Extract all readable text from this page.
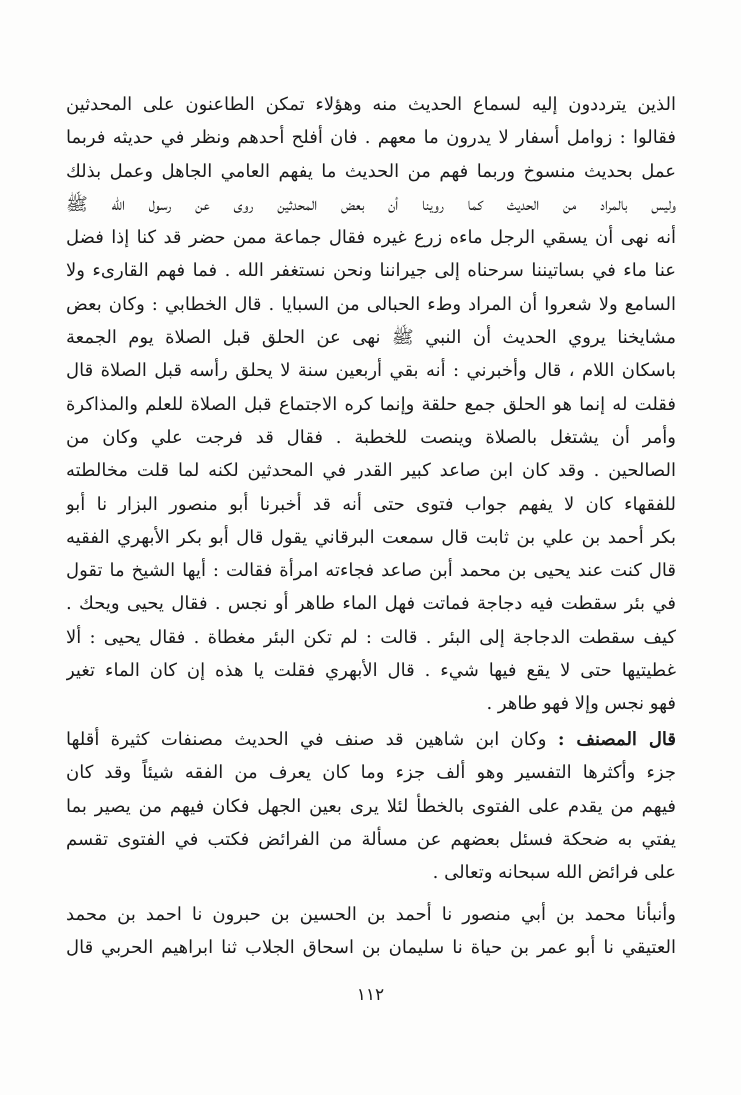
الذين يترددون إليه لسماع الحديث منه وهؤلاء تمكن الطاعنون على المحدثين
فقالوا : زوامل أسفار لا يدرون ما معهم . فان أفلح أحدهم ونظر في حديثه فربما
عمل بحديث منسوخ وربما فهم من الحديث ما يفهم العامي الجاهل وعمل بذلك
وليس بالمراد من الحديث كما روينا أن بعض المحدثين روى عن رسول الله ﷺ
أنه نهى أن يسقي الرجل ماءه زرع غيره فقال جماعة ممن حضر قد كنا إذا فضل
عنا ماء في بساتيننا سرحناه إلى جيراننا ونحن نستغفر الله . فما فهم القارىء ولا
السامع ولا شعروا أن المراد وطء الحبالى من السبايا . قال الخطابي : وكان بعض
مشايخنا يروي الحديث أن النبي ﷺ نهى عن الحلق قبل الصلاة يوم الجمعة
باسكان اللام ، قال وأخبرني : أنه بقي أربعين سنة لا يحلق رأسه قبل الصلاة قال
فقلت له إنما هو الحلق جمع حلقة وإنما كره الاجتماع قبل الصلاة للعلم والمذاكرة
وأمر أن يشتغل بالصلاة وينصت للخطبة . فقال قد فرجت علي وكان من
الصالحين . وقد كان ابن صاعد كبير القدر في المحدثين لكنه لما قلت مخالطته
للفقهاء كان لا يفهم جواب فتوى حتى أنه قد أخبرنا أبو منصور البزار نا أبو
بكر أحمد بن علي بن ثابت قال سمعت البرقاني يقول قال أبو بكر الأبهري الفقيه
قال كنت عند يحيى بن محمد أبن صاعد فجاءته امرأة فقالت : أيها الشيخ ما تقول
في بئر سقطت فيه دجاجة فماتت فهل الماء طاهر أو نجس . فقال يحيى ويحك .
كيف سقطت الدجاجة إلى البئر . قالت : لم تكن البئر مغطاة . فقال يحيى : ألا
غطيتيها حتى لا يقع فيها شيء . قال الأبهري فقلت يا هذه إن كان الماء تغير
فهو نجس وإلا فهو طاهر .
قال المصنف : وكان ابن شاهين قد صنف في الحديث مصنفات كثيرة أقلها
جزء وأكثرها التفسير وهو ألف جزء وما كان يعرف من الفقه شيئاً وقد كان
فيهم من يقدم على الفتوى بالخطأ لئلا يرى بعين الجهل فكان فيهم من يصير بما
يفتي به ضحكة فسئل بعضهم عن مسألة من الفرائض فكتب في الفتوى تقسم
على فرائض الله سبحانه وتعالى .
وأنبأنا محمد بن أبي منصور نا أحمد بن الحسين بن حبرون نا احمد بن محمد
العتيقي نا أبو عمر بن حياة نا سليمان بن اسحاق الجلاب ثنا ابراهيم الحربي قال
١١٢
